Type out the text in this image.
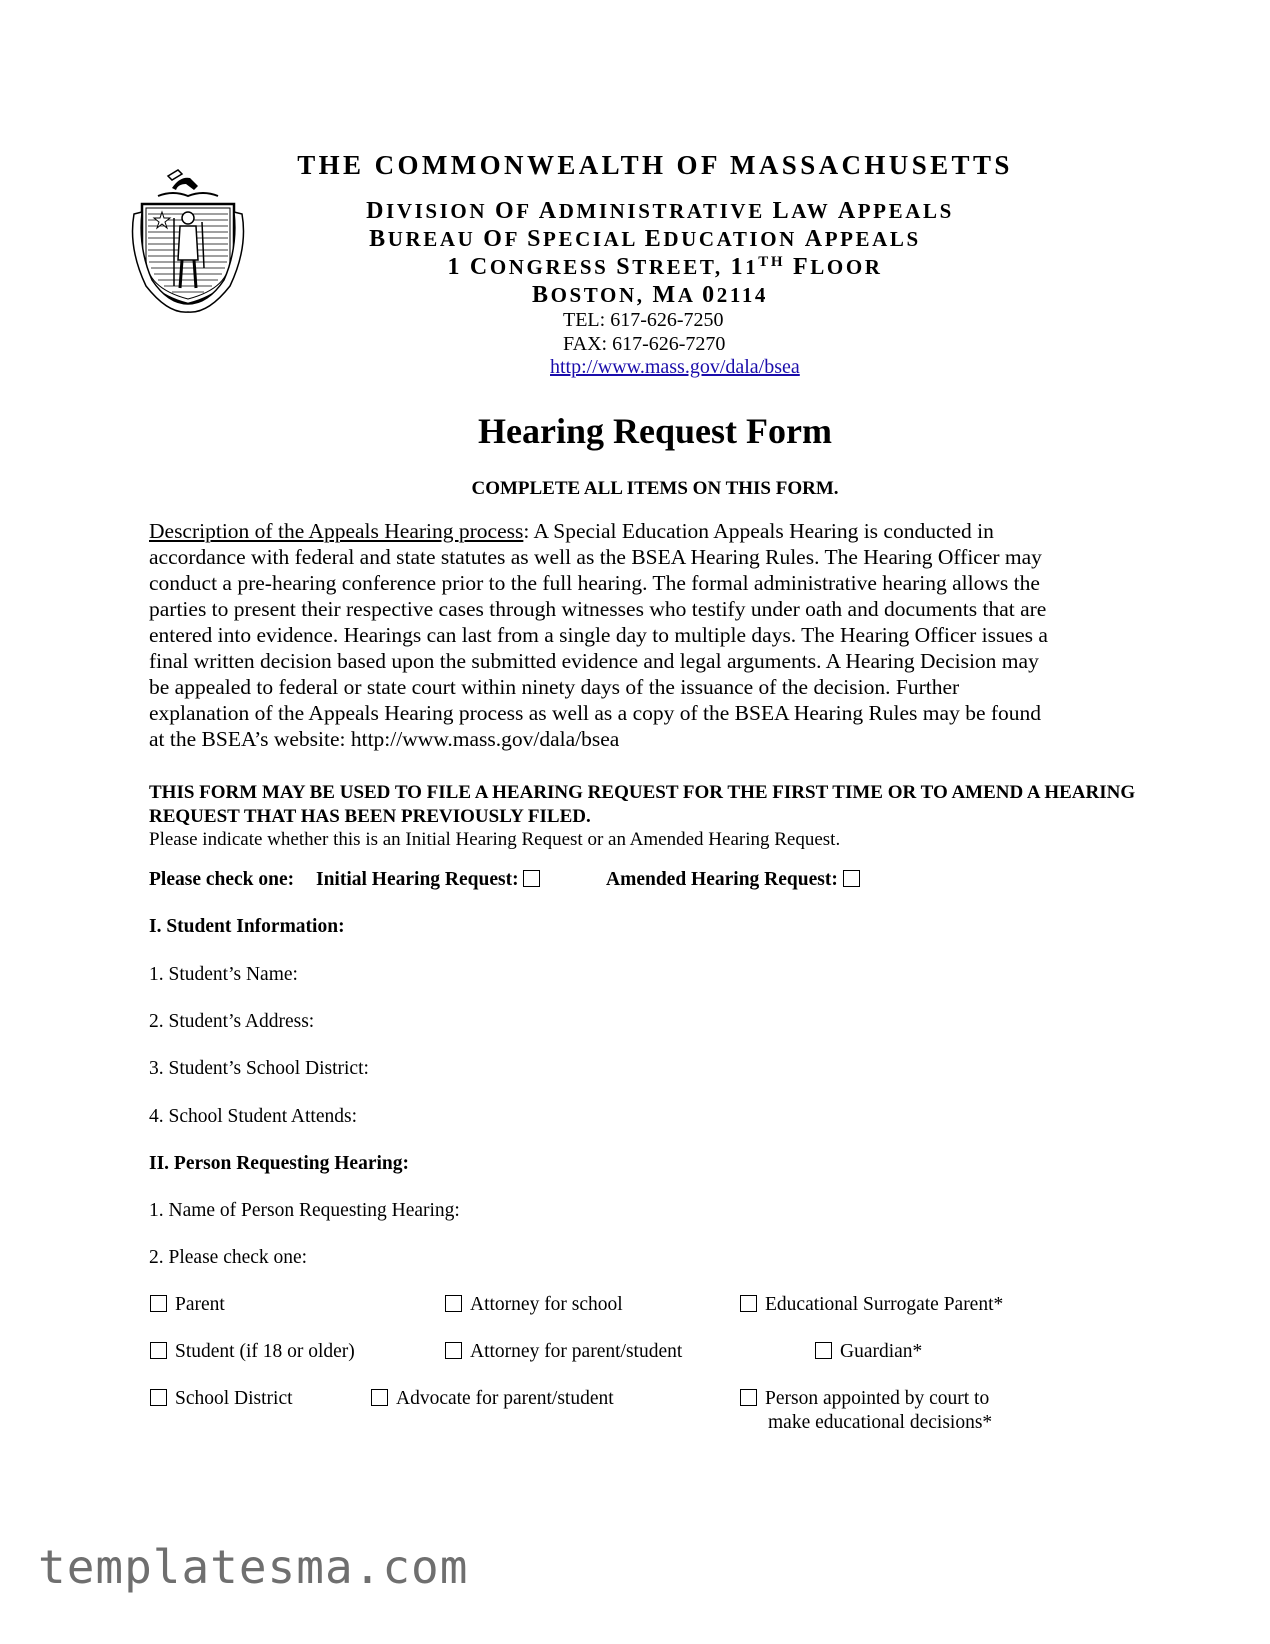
THE COMMONWEALTH OF MASSACHUSETTS
DIVISION OF ADMINISTRATIVE LAW APPEALS
BUREAU OF SPECIAL EDUCATION APPEALS
1 CONGRESS STREET, 11TH FLOOR
BOSTON, MA 02114
TEL: 617-626-7250
FAX: 617-626-7270
http://www.mass.gov/dala/bsea
Hearing Request Form
COMPLETE ALL ITEMS ON THIS FORM.
Description of the Appeals Hearing process: A Special Education Appeals Hearing is conducted in
accordance with federal and state statutes as well as the BSEA Hearing Rules. The Hearing Officer may
conduct a pre-hearing conference prior to the full hearing. The formal administrative hearing allows the
parties to present their respective cases through witnesses who testify under oath and documents that are
entered into evidence. Hearings can last from a single day to multiple days. The Hearing Officer issues a
final written decision based upon the submitted evidence and legal arguments. A Hearing Decision may
be appealed to federal or state court within ninety days of the issuance of the decision. Further
explanation of the Appeals Hearing process as well as a copy of the BSEA Hearing Rules may be found
at the BSEA’s website: http://www.mass.gov/dala/bsea
THIS FORM MAY BE USED TO FILE A HEARING REQUEST FOR THE FIRST TIME OR TO AMEND A HEARING REQUEST THAT HAS BEEN PREVIOUSLY FILED.
Please indicate whether this is an Initial Hearing Request or an Amended Hearing Request.
Please check one: Initial Hearing Request:	Amended Hearing Request:
I. Student Information:
1. Student’s Name:
2. Student’s Address:
3. Student’s School District:
4. School Student Attends:
II. Person Requesting Hearing:
1. Name of Person Requesting Hearing:
2. Please check one:
Parent	Attorney for school	Educational Surrogate Parent*
Student (if 18 or older)	Attorney for parent/student	Guardian*
School District	Advocate for parent/student	Person appointed by court to
make educational decisions*
templatesma.com
